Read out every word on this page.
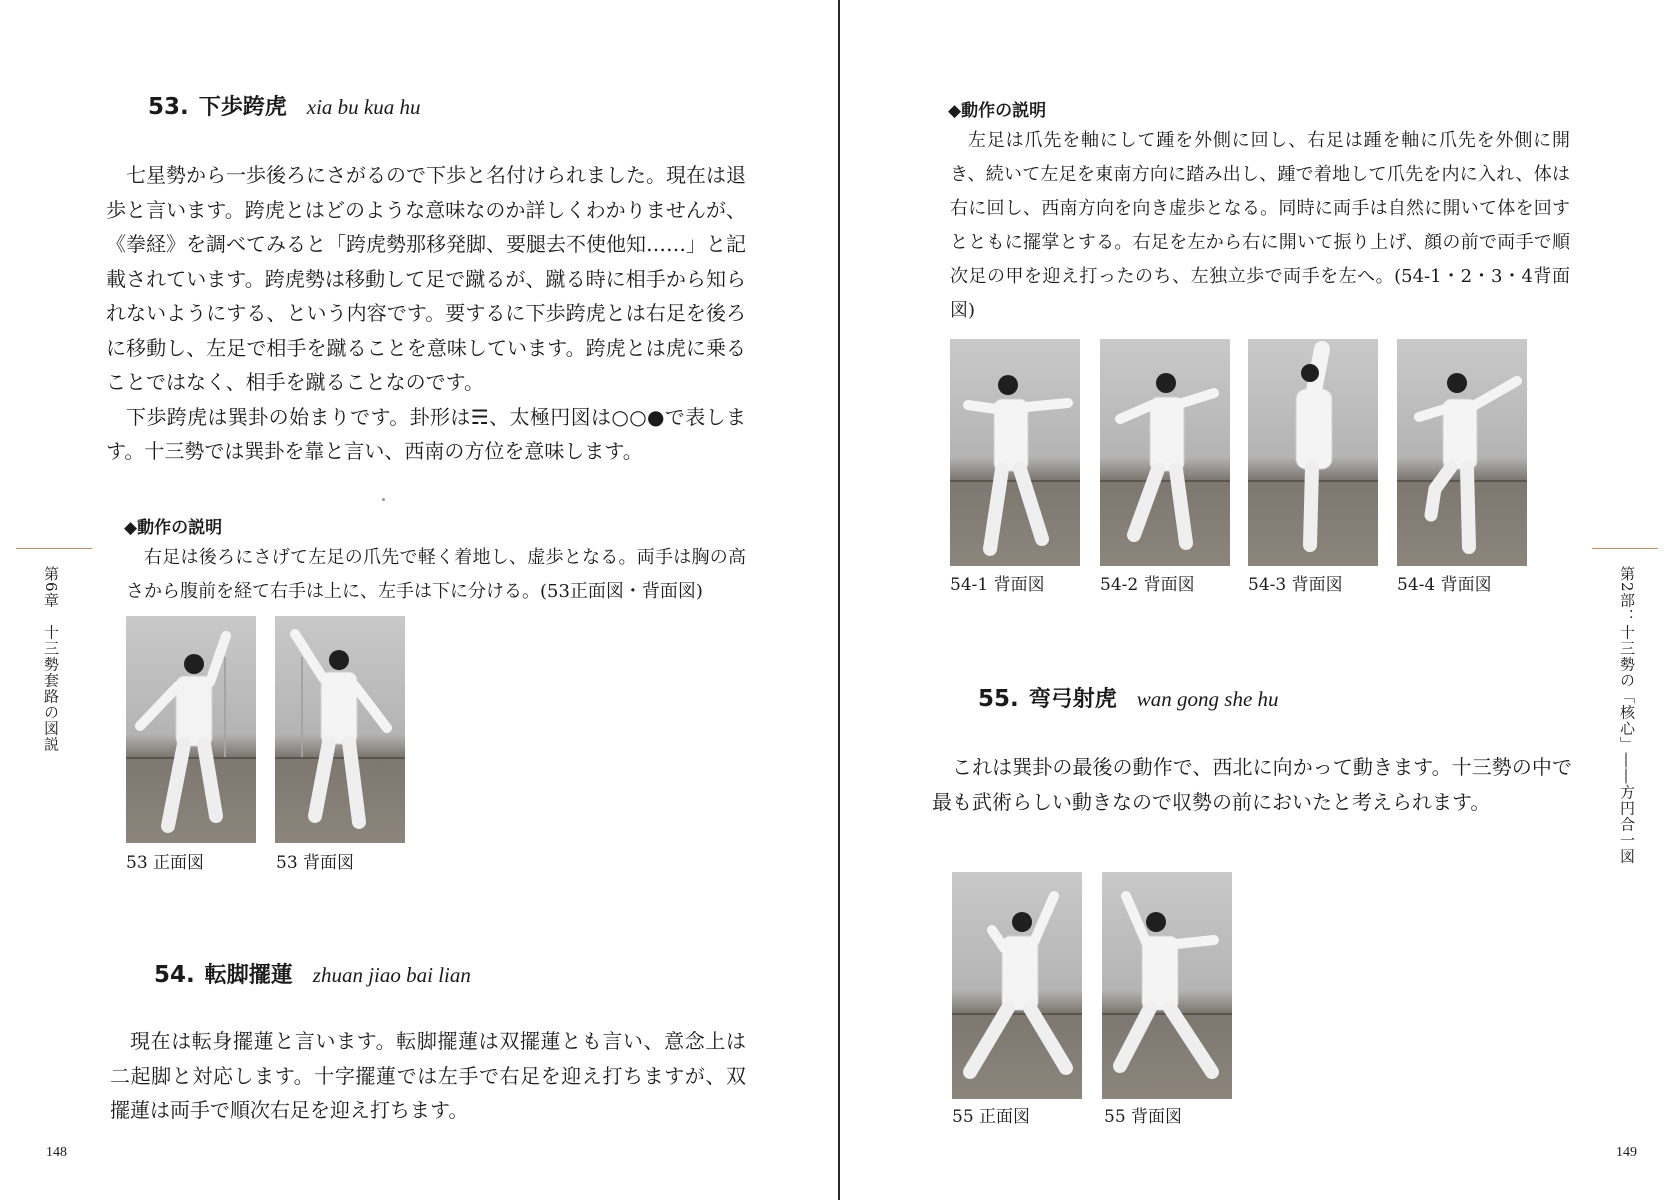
53. 下歩跨虎 xia bu kua hu

七星勢から一歩後ろにさがるので下歩と名付けられました。現在は退歩と言います。跨虎とはどのような意味なのか詳しくわかりませんが、《拳経》を調べてみると「跨虎勢那移発脚、要腿去不使他知……」と記載されています。跨虎勢は移動して足で蹴るが、蹴る時に相手から知られないようにする、という内容です。要するに下歩跨虎とは右足を後ろに移動し、左足で相手を蹴ることを意味しています。跨虎とは虎に乗ることではなく、相手を蹴ることなのです。

下歩跨虎は巽卦の始まりです。卦形は☴、太極円図は○○●で表します。十三勢では巽卦を靠と言い、西南の方位を意味します。

◆動作の説明
右足は後ろにさげて左足の爪先で軽く着地し、虚歩となる。両手は胸の高さから腹前を経て右手は上に、左手は下に分ける。(53正面図・背面図)
53 正面図	53 背面図
54. 転脚擺蓮 zhuan jiao bai lian

現在は転身擺蓮と言います。転脚擺蓮は双擺蓮とも言い、意念上は二起脚と対応します。十字擺蓮では左手で右足を迎え打ちますが、双擺蓮は両手で順次右足を迎え打ちます。

第6章　十三勢套路の図説
148
◆動作の説明
左足は爪先を軸にして踵を外側に回し、右足は踵を軸に爪先を外側に開き、続いて左足を東南方向に踏み出し、踵で着地して爪先を内に入れ、体は右に回し、西南方向を向き虚歩となる。同時に両手は自然に開いて体を回すとともに擺掌とする。右足を左から右に開いて振り上げ、顔の前で両手で順次足の甲を迎え打ったのち、左独立歩で両手を左へ。(54-1・2・3・4背面図)
54-1 背面図	54-2 背面図	54-3 背面図	54-4 背面図
55. 弯弓射虎 wan gong she hu

これは巽卦の最後の動作で、西北に向かって動きます。十三勢の中で最も武術らしい動きなので収勢の前においたと考えられます。

55 正面図	55 背面図
第2部：十三勢の「核心」――方円合一図
149
